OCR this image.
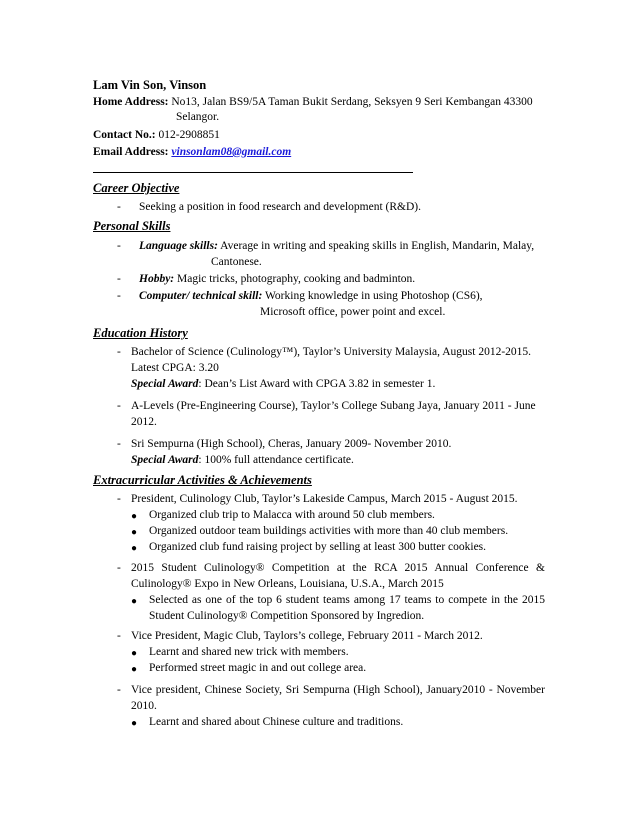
Lam Vin Son, Vinson
Home Address: No13, Jalan BS9/5A Taman Bukit Serdang, Seksyen 9 Seri Kembangan 43300
Selangor.
Contact No.: 012-2908851
Email Address: vinsonlam08@gmail.com
Career Objective
- Seeking a position in food research and development (R&D).
Personal Skills
- Language skills: Average in writing and speaking skills in English, Mandarin, Malay,
Cantonese.
- Hobby: Magic tricks, photography, cooking and badminton.
- Computer/ technical skill: Working knowledge in using Photoshop (CS6),
Microsoft office, power point and excel.
Education History
- Bachelor of Science (Culinology™), Taylor’s University Malaysia, August 2012-2015.
Latest CPGA: 3.20
Special Award: Dean’s List Award with CPGA 3.82 in semester 1.
- A-Levels (Pre-Engineering Course), Taylor’s College Subang Jaya, January 2011 - June
2012.
- Sri Sempurna (High School), Cheras, January 2009- November 2010.
Special Award: 100% full attendance certificate.
Extracurricular Activities & Achievements
- President, Culinology Club, Taylor’s Lakeside Campus, March 2015 - August 2015.
● Organized club trip to Malacca with around 50 club members.
● Organized outdoor team buildings activities with more than 40 club members.
● Organized club fund raising project by selling at least 300 butter cookies.
- 2015 Student Culinology® Competition at the RCA 2015 Annual Conference &
Culinology® Expo in New Orleans, Louisiana, U.S.A., March 2015
● Selected as one of the top 6 student teams among 17 teams to compete in the 2015
Student Culinology® Competition Sponsored by Ingredion.
- Vice President, Magic Club, Taylors’s college, February 2011 - March 2012.
● Learnt and shared new trick with members.
● Performed street magic in and out college area.
- Vice president, Chinese Society, Sri Sempurna (High School), January2010 - November
2010.
● Learnt and shared about Chinese culture and traditions.
